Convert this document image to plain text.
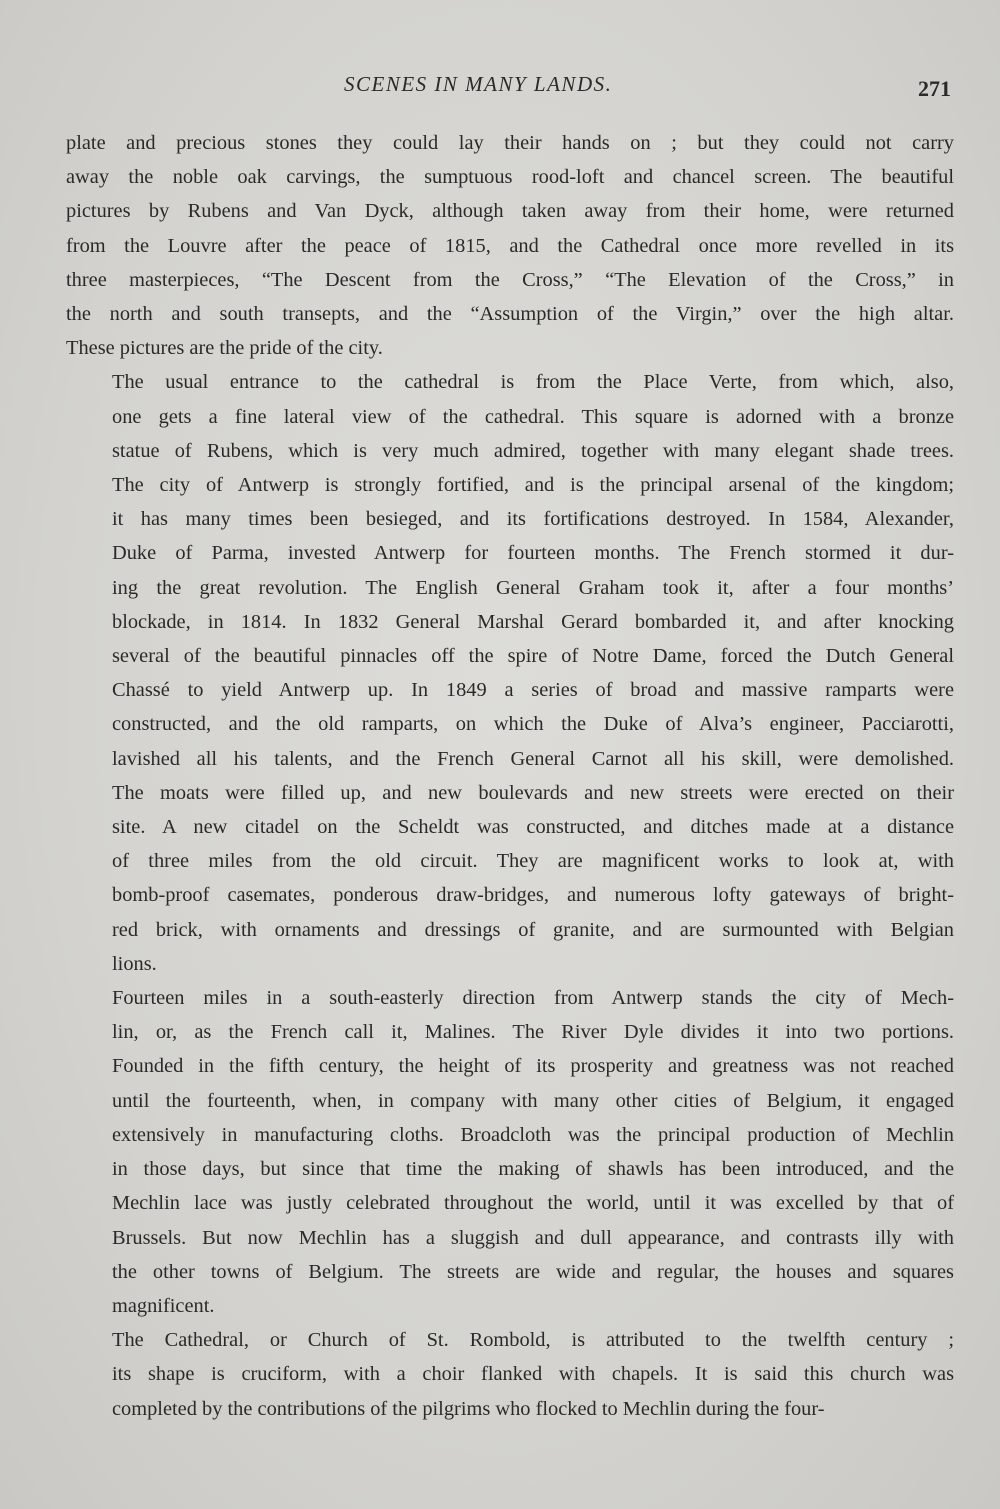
SCENES IN MANY LANDS.	271

plate and precious stones they could lay their hands on ; but they could not carry
away the noble oak carvings, the sumptuous rood-loft and chancel screen. The beautiful
pictures by Rubens and Van Dyck, although taken away from their home, were returned
from the Louvre after the peace of 1815, and the Cathedral once more revelled in its
three masterpieces, “The Descent from the Cross,” “The Elevation of the Cross,” in
the north and south transepts, and the “Assumption of the Virgin,” over the high altar.
These pictures are the pride of the city.

The usual entrance to the cathedral is from the Place Verte, from which, also,
one gets a fine lateral view of the cathedral. This square is adorned with a bronze
statue of Rubens, which is very much admired, together with many elegant shade trees.
The city of Antwerp is strongly fortified, and is the principal arsenal of the kingdom;
it has many times been besieged, and its fortifications destroyed. In 1584, Alexander,
Duke of Parma, invested Antwerp for fourteen months. The French stormed it dur-
ing the great revolution. The English General Graham took it, after a four months’
blockade, in 1814. In 1832 General Marshal Gerard bombarded it, and after knocking
several of the beautiful pinnacles off the spire of Notre Dame, forced the Dutch General
Chassé to yield Antwerp up. In 1849 a series of broad and massive ramparts were
constructed, and the old ramparts, on which the Duke of Alva’s engineer, Pacciarotti,
lavished all his talents, and the French General Carnot all his skill, were demolished.
The moats were filled up, and new boulevards and new streets were erected on their
site. A new citadel on the Scheldt was constructed, and ditches made at a distance
of three miles from the old circuit. They are magnificent works to look at, with
bomb-proof casemates, ponderous draw-bridges, and numerous lofty gateways of bright-
red brick, with ornaments and dressings of granite, and are surmounted with Belgian
lions.

Fourteen miles in a south-easterly direction from Antwerp stands the city of Mech-
lin, or, as the French call it, Malines. The River Dyle divides it into two portions.
Founded in the fifth century, the height of its prosperity and greatness was not reached
until the fourteenth, when, in company with many other cities of Belgium, it engaged
extensively in manufacturing cloths. Broadcloth was the principal production of Mechlin
in those days, but since that time the making of shawls has been introduced, and the
Mechlin lace was justly celebrated throughout the world, until it was excelled by that of
Brussels. But now Mechlin has a sluggish and dull appearance, and contrasts illy with
the other towns of Belgium. The streets are wide and regular, the houses and squares
magnificent.

The Cathedral, or Church of St. Rombold, is attributed to the twelfth century ;
its shape is cruciform, with a choir flanked with chapels. It is said this church was
completed by the contributions of the pilgrims who flocked to Mechlin during the four-
